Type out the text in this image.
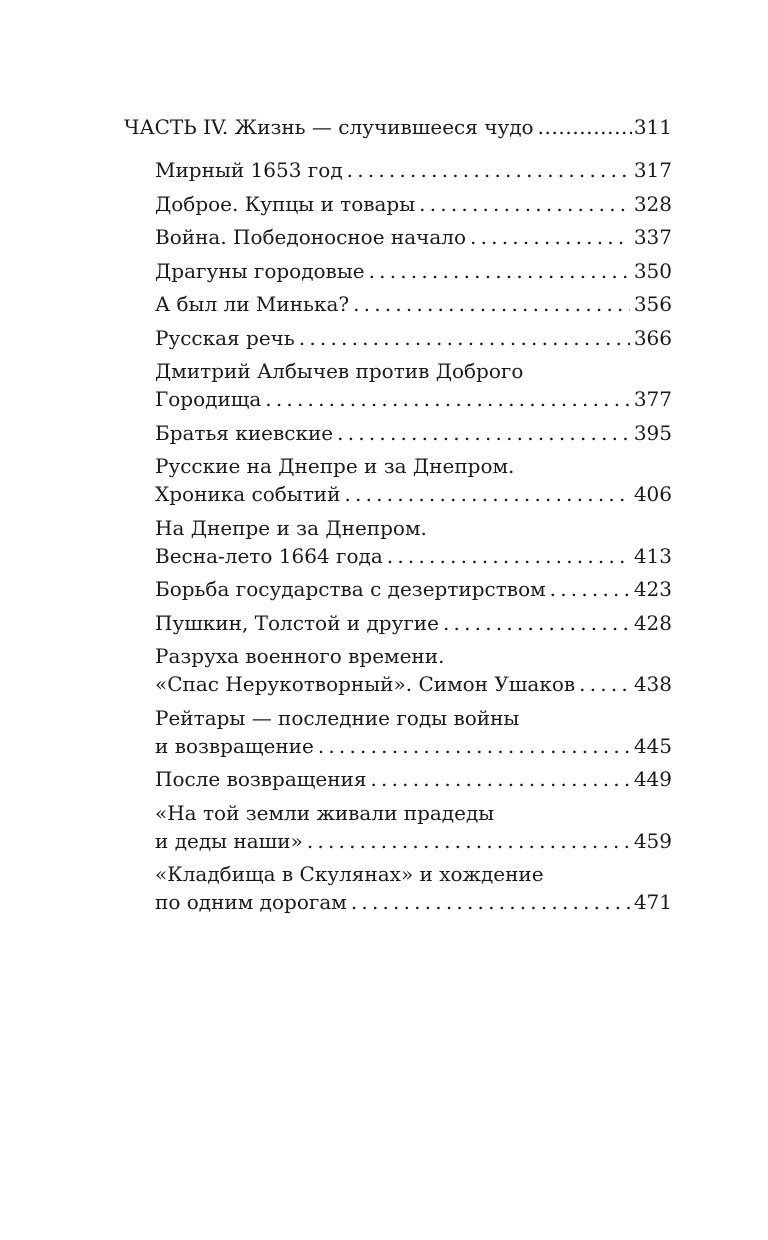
ЧАСТЬ IV. Жизнь — случившееся чудо .....	311
Мирный 1653 год .....	317
Доброе. Купцы и товары .....	328
Война. Победоносное начало .....	337
Драгуны городовые .....	350
А был ли Минька? .....	356
Русская речь .....	366
Дмитрий Албычев против Доброго
Городища .....	377
Братья киевские .....	395
Русские на Днепре и за Днепром.
Хроника событий .....	406
На Днепре и за Днепром.
Весна-лето 1664 года .....	413
Борьба государства с дезертирством .....	423
Пушкин, Толстой и другие .....	428
Разруха военного времени.
«Спас Нерукотворный». Симон Ушаков .....	438
Рейтары — последние годы войны
и возвращение .....	445
После возвращения .....	449
«На той земли живали прадеды
и деды наши» .....	459
«Кладбища в Скулянах» и хождение
по одним дорогам .....	471
